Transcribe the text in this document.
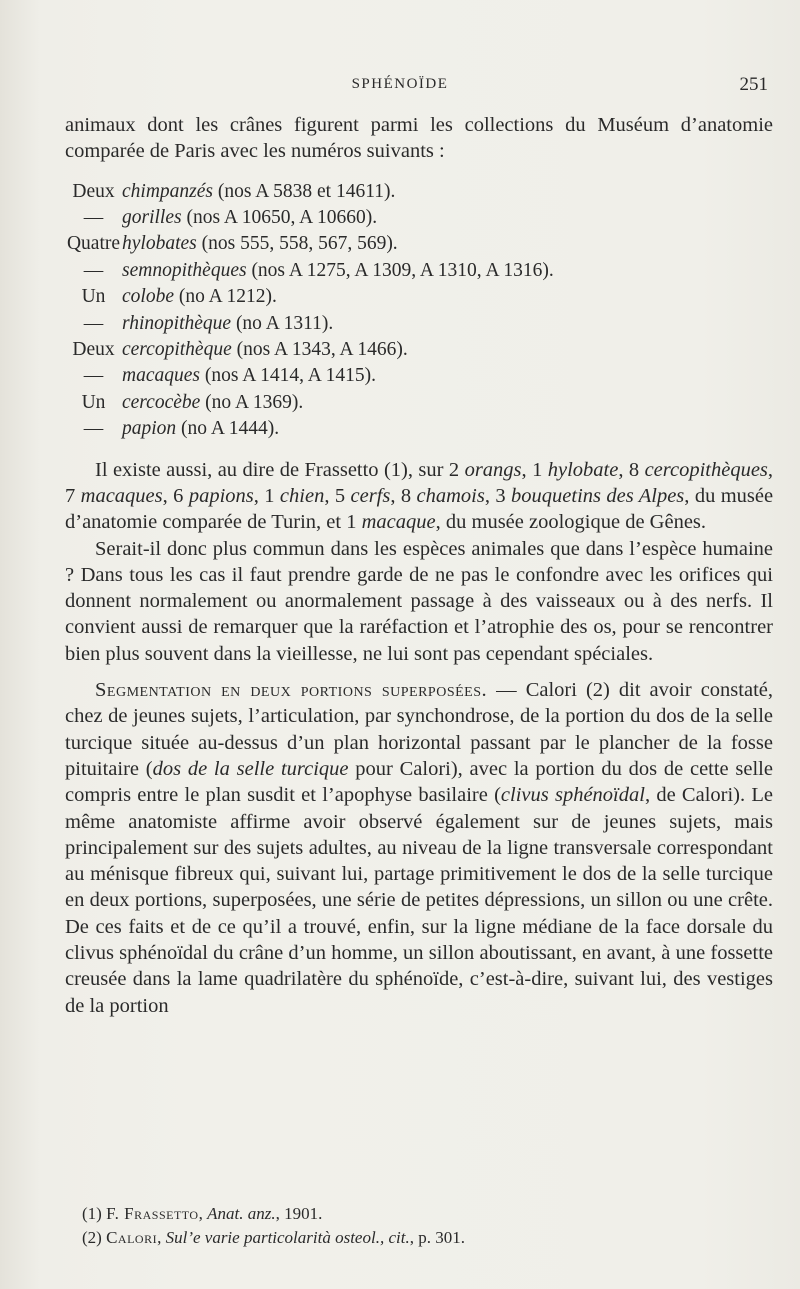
SPHÉNOÏDE	251

animaux dont les crânes figurent parmi les collections du Muséum d’anatomie comparée de Paris avec les numéros suivants :

Deux chimpanzés (nos A 5838 et 14611).
— gorilles (nos A 10650, A 10660).
Quatre hylobates (nos 555, 558, 567, 569).
— semnopithèques (nos A 1275, A 1309, A 1310, A 1316).
Un colobe (no A 1212).
— rhinopithèque (no A 1311).
Deux cercopithèque (nos A 1343, A 1466).
— macaques (nos A 1414, A 1415).
Un cercocèbe (no A 1369).
— papion (no A 1444).

Il existe aussi, au dire de Frassetto (1), sur 2 orangs, 1 hylobate, 8 cercopithèques, 7 macaques, 6 papions, 1 chien, 5 cerfs, 8 chamois, 3 bouquetins des Alpes, du musée d’anatomie comparée de Turin, et 1 macaque, du musée zoologique de Gênes.

Serait-il donc plus commun dans les espèces animales que dans l’espèce humaine ? Dans tous les cas il faut prendre garde de ne pas le confondre avec les orifices qui donnent normalement ou anormalement passage à des vaisseaux ou à des nerfs. Il convient aussi de remarquer que la raréfaction et l’atrophie des os, pour se rencontrer bien plus souvent dans la vieillesse, ne lui sont pas cependant spéciales.

Segmentation en deux portions superposées. — Calori (2) dit avoir constaté, chez de jeunes sujets, l’articulation, par synchondrose, de la portion du dos de la selle turcique située au-dessus d’un plan horizontal passant par le plancher de la fosse pituitaire (dos de la selle turcique pour Calori), avec la portion du dos de cette selle compris entre le plan susdit et l’apophyse basilaire (clivus sphénoïdal, de Calori). Le même anatomiste affirme avoir observé également sur de jeunes sujets, mais principalement sur des sujets adultes, au niveau de la ligne transversale correspondant au ménisque fibreux qui, suivant lui, partage primitivement le dos de la selle turcique en deux portions, superposées, une série de petites dépressions, un sillon ou une crête. De ces faits et de ce qu’il a trouvé, enfin, sur la ligne médiane de la face dorsale du clivus sphénoïdal du crâne d’un homme, un sillon aboutissant, en avant, à une fossette creusée dans la lame quadrilatère du sphénoïde, c’est-à-dire, suivant lui, des vestiges de la portion

(1) F. Frassetto, Anat. anz., 1901.
(2) Calori, Sul’e varie particolarità osteol., cit., p. 301.
